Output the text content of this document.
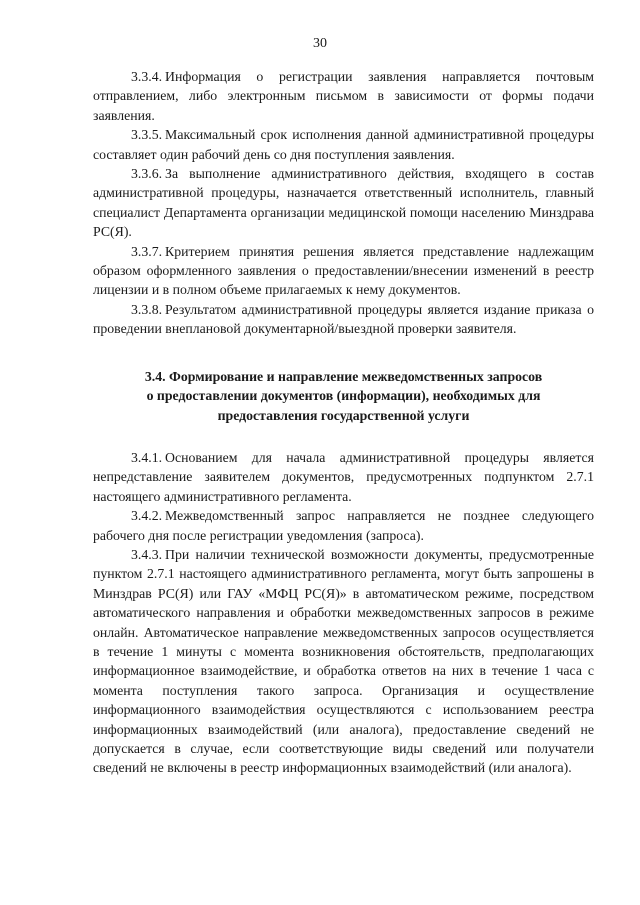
30

3.3.4. Информация о регистрации заявления направляется почтовым отправлением, либо электронным письмом в зависимости от формы подачи заявления.

3.3.5. Максимальный срок исполнения данной административной процедуры составляет один рабочий день со дня поступления заявления.

3.3.6. За выполнение административного действия, входящего в состав административной процедуры, назначается ответственный исполнитель, главный специалист Департамента организации медицинской помощи населению Минздрава РС(Я).

3.3.7. Критерием принятия решения является представление надлежащим образом оформленного заявления о предоставлении/внесении изменений в реестр лицензии и в полном объеме прилагаемых к нему документов.

3.3.8. Результатом административной процедуры является издание приказа о проведении внеплановой документарной/выездной проверки заявителя.

3.4. Формирование и направление межведомственных запросов
о предоставлении документов (информации), необходимых для
предоставления государственной услуги

3.4.1. Основанием для начала административной процедуры является непредставление заявителем документов, предусмотренных подпунктом 2.7.1 настоящего административного регламента.

3.4.2. Межведомственный запрос направляется не позднее следующего рабочего дня после регистрации уведомления (запроса).

3.4.3. При наличии технической возможности документы, предусмотренные пунктом 2.7.1 настоящего административного регламента, могут быть запрошены в Минздрав РС(Я) или ГАУ «МФЦ РС(Я)» в автоматическом режиме, посредством автоматического направления и обработки межведомственных запросов в режиме онлайн. Автоматическое направление межведомственных запросов осуществляется в течение 1 минуты с момента возникновения обстоятельств, предполагающих информационное взаимодействие, и обработка ответов на них в течение 1 часа с момента поступления такого запроса. Организация и осуществление информационного взаимодействия осуществляются с использованием реестра информационных взаимодействий (или аналога), предоставление сведений не допускается в случае, если соответствующие виды сведений или получатели сведений не включены в реестр информационных взаимодействий (или аналога).
